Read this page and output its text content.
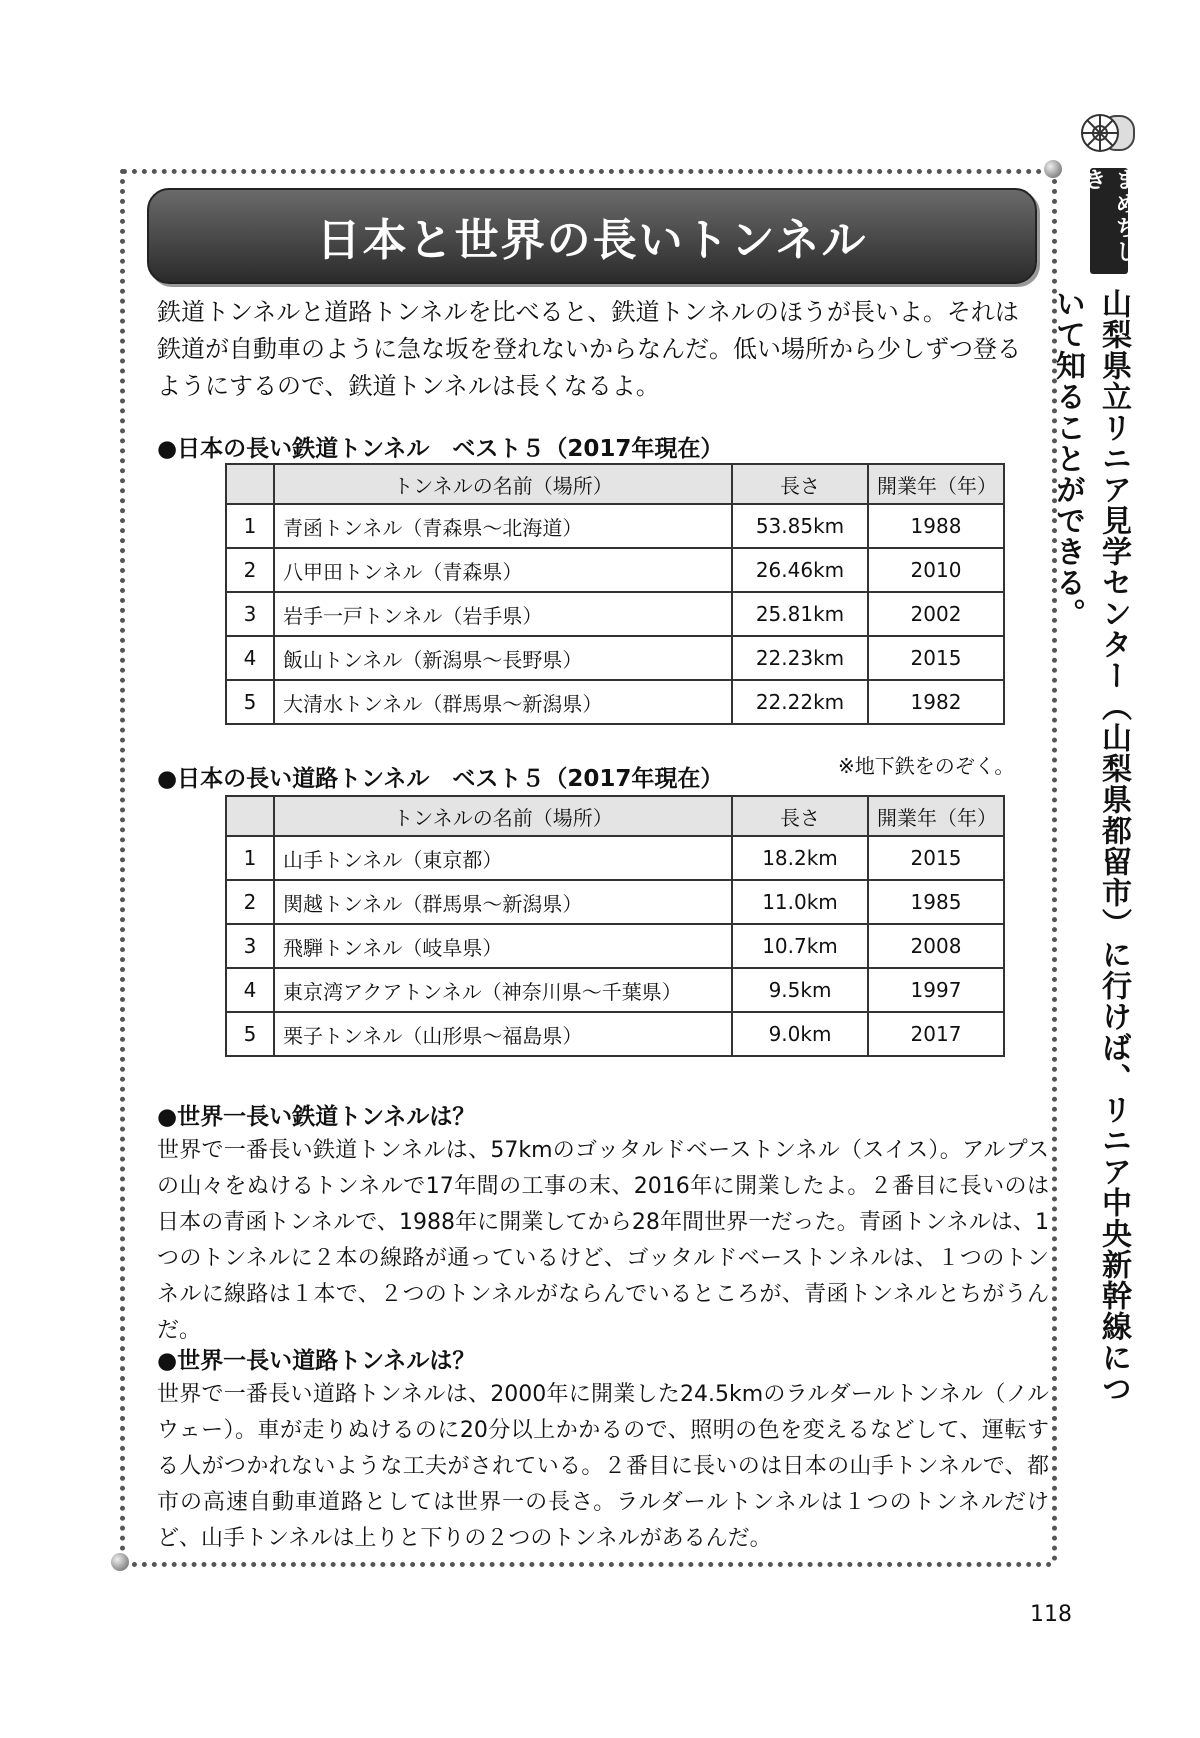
まめちしき
山梨県立リニア見学センター（山梨県都留市）に行けば、リニア中央新幹線について知ることができる。
日本と世界の長いトンネル
鉄道トンネルと道路トンネルを比べると、鉄道トンネルのほうが長いよ。それは鉄道が自動車のように急な坂を登れないからなんだ。低い場所から少しずつ登るようにするので、鉄道トンネルは長くなるよ。
●日本の長い鉄道トンネル　ベスト５（2017年現在）
	トンネルの名前（場所）	長さ	開業年（年）
1	青函トンネル（青森県〜北海道）	53.85km	1988
2	八甲田トンネル（青森県）	26.46km	2010
3	岩手一戸トンネル（岩手県）	25.81km	2002
4	飯山トンネル（新潟県〜長野県）	22.23km	2015
5	大清水トンネル（群馬県〜新潟県）	22.22km	1982
※地下鉄をのぞく。
●日本の長い道路トンネル　ベスト５（2017年現在）
	トンネルの名前（場所）	長さ	開業年（年）
1	山手トンネル（東京都）	18.2km	2015
2	関越トンネル（群馬県〜新潟県）	11.0km	1985
3	飛騨トンネル（岐阜県）	10.7km	2008
4	東京湾アクアトンネル（神奈川県〜千葉県）	9.5km	1997
5	栗子トンネル（山形県〜福島県）	9.0km	2017
●世界一長い鉄道トンネルは？
世界で一番長い鉄道トンネルは、57kmのゴッタルドベーストンネル（スイス）。アルプスの山々をぬけるトンネルで17年間の工事の末、2016年に開業したよ。２番目に長いのは日本の青函トンネルで、1988年に開業してから28年間世界一だった。青函トンネルは、1つのトンネルに２本の線路が通っているけど、ゴッタルドベーストンネルは、１つのトンネルに線路は１本で、２つのトンネルがならんでいるところが、青函トンネルとちがうんだ。
●世界一長い道路トンネルは？
世界で一番長い道路トンネルは、2000年に開業した24.5kmのラルダールトンネル（ノルウェー）。車が走りぬけるのに20分以上かかるので、照明の色を変えるなどして、運転する人がつかれないような工夫がされている。２番目に長いのは日本の山手トンネルで、都市の高速自動車道路としては世界一の長さ。ラルダールトンネルは１つのトンネルだけど、山手トンネルは上りと下りの２つのトンネルがあるんだ。
118
